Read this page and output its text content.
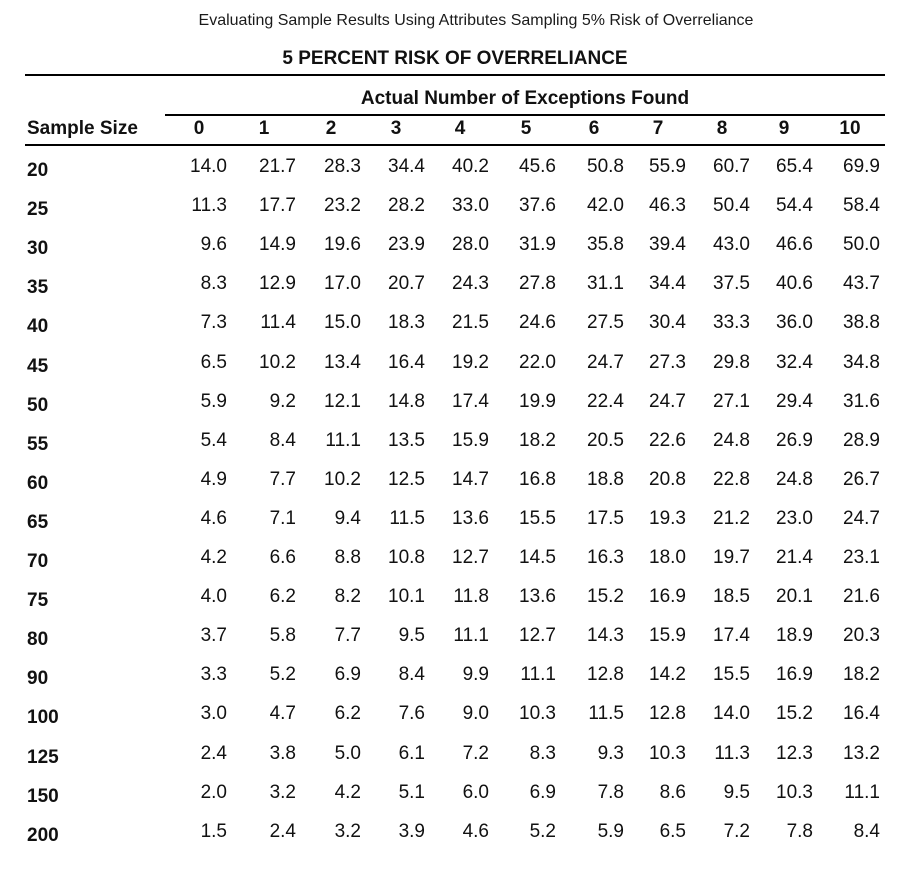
Evaluating Sample Results Using Attributes Sampling 5% Risk of Overreliance
5 PERCENT RISK OF OVERRELIANCE
Actual Number of Exceptions Found
Sample Size	0	1	2	3	4	5	6	7	8	9	10
20	14.0	21.7	28.3	34.4	40.2	45.6	50.8	55.9	60.7	65.4	69.9
25	11.3	17.7	23.2	28.2	33.0	37.6	42.0	46.3	50.4	54.4	58.4
30	9.6	14.9	19.6	23.9	28.0	31.9	35.8	39.4	43.0	46.6	50.0
35	8.3	12.9	17.0	20.7	24.3	27.8	31.1	34.4	37.5	40.6	43.7
40	7.3	11.4	15.0	18.3	21.5	24.6	27.5	30.4	33.3	36.0	38.8
45	6.5	10.2	13.4	16.4	19.2	22.0	24.7	27.3	29.8	32.4	34.8
50	5.9	9.2	12.1	14.8	17.4	19.9	22.4	24.7	27.1	29.4	31.6
55	5.4	8.4	11.1	13.5	15.9	18.2	20.5	22.6	24.8	26.9	28.9
60	4.9	7.7	10.2	12.5	14.7	16.8	18.8	20.8	22.8	24.8	26.7
65	4.6	7.1	9.4	11.5	13.6	15.5	17.5	19.3	21.2	23.0	24.7
70	4.2	6.6	8.8	10.8	12.7	14.5	16.3	18.0	19.7	21.4	23.1
75	4.0	6.2	8.2	10.1	11.8	13.6	15.2	16.9	18.5	20.1	21.6
80	3.7	5.8	7.7	9.5	11.1	12.7	14.3	15.9	17.4	18.9	20.3
90	3.3	5.2	6.9	8.4	9.9	11.1	12.8	14.2	15.5	16.9	18.2
100	3.0	4.7	6.2	7.6	9.0	10.3	11.5	12.8	14.0	15.2	16.4
125	2.4	3.8	5.0	6.1	7.2	8.3	9.3	10.3	11.3	12.3	13.2
150	2.0	3.2	4.2	5.1	6.0	6.9	7.8	8.6	9.5	10.3	11.1
200	1.5	2.4	3.2	3.9	4.6	5.2	5.9	6.5	7.2	7.8	8.4
